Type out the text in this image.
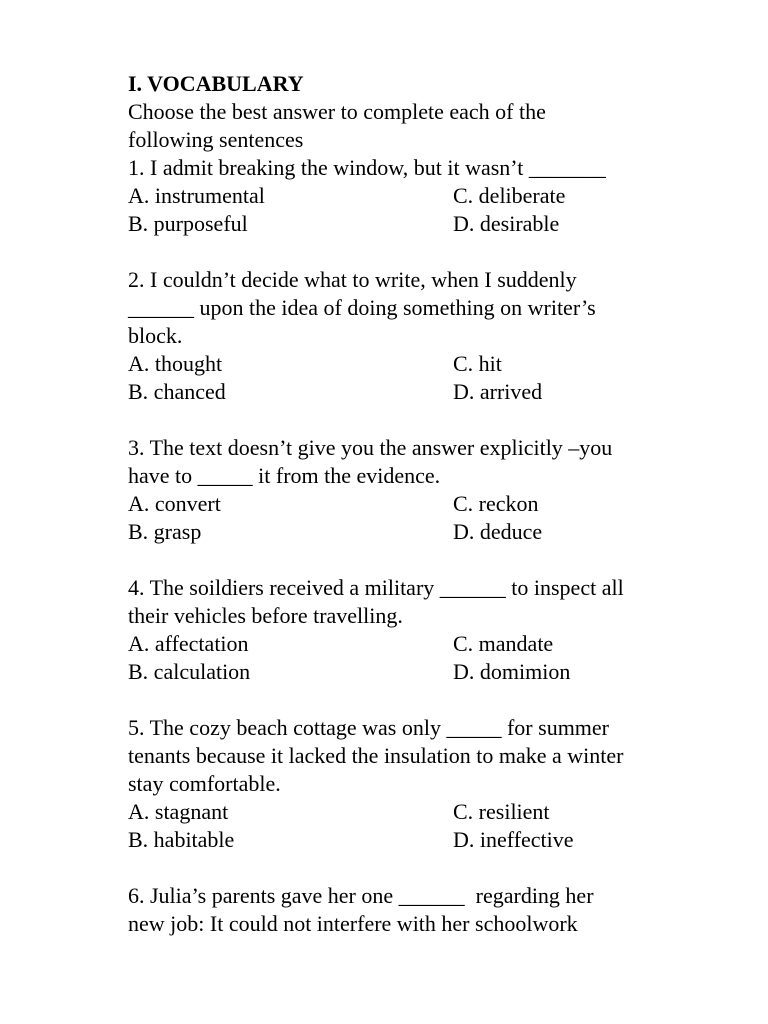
I. VOCABULARY
Choose the best answer to complete each of the
following sentences
1. I admit breaking the window, but it wasn’t _______
A. instrumental	C. deliberate
B. purposeful	D. desirable
2. I couldn’t decide what to write, when I suddenly
______ upon the idea of doing something on writer’s
block.
A. thought	C. hit
B. chanced	D. arrived
3. The text doesn’t give you the answer explicitly –you
have to _____ it from the evidence.
A. convert	C. reckon
B. grasp	D. deduce
4. The soildiers received a military ______ to inspect all
their vehicles before travelling.
A. affectation	C. mandate
B. calculation	D. domimion
5. The cozy beach cottage was only _____ for summer
tenants because it lacked the insulation to make a winter
stay comfortable.
A. stagnant	C. resilient
B. habitable	D. ineffective
6. Julia’s parents gave her one ______  regarding her
new job: It could not interfere with her schoolwork
